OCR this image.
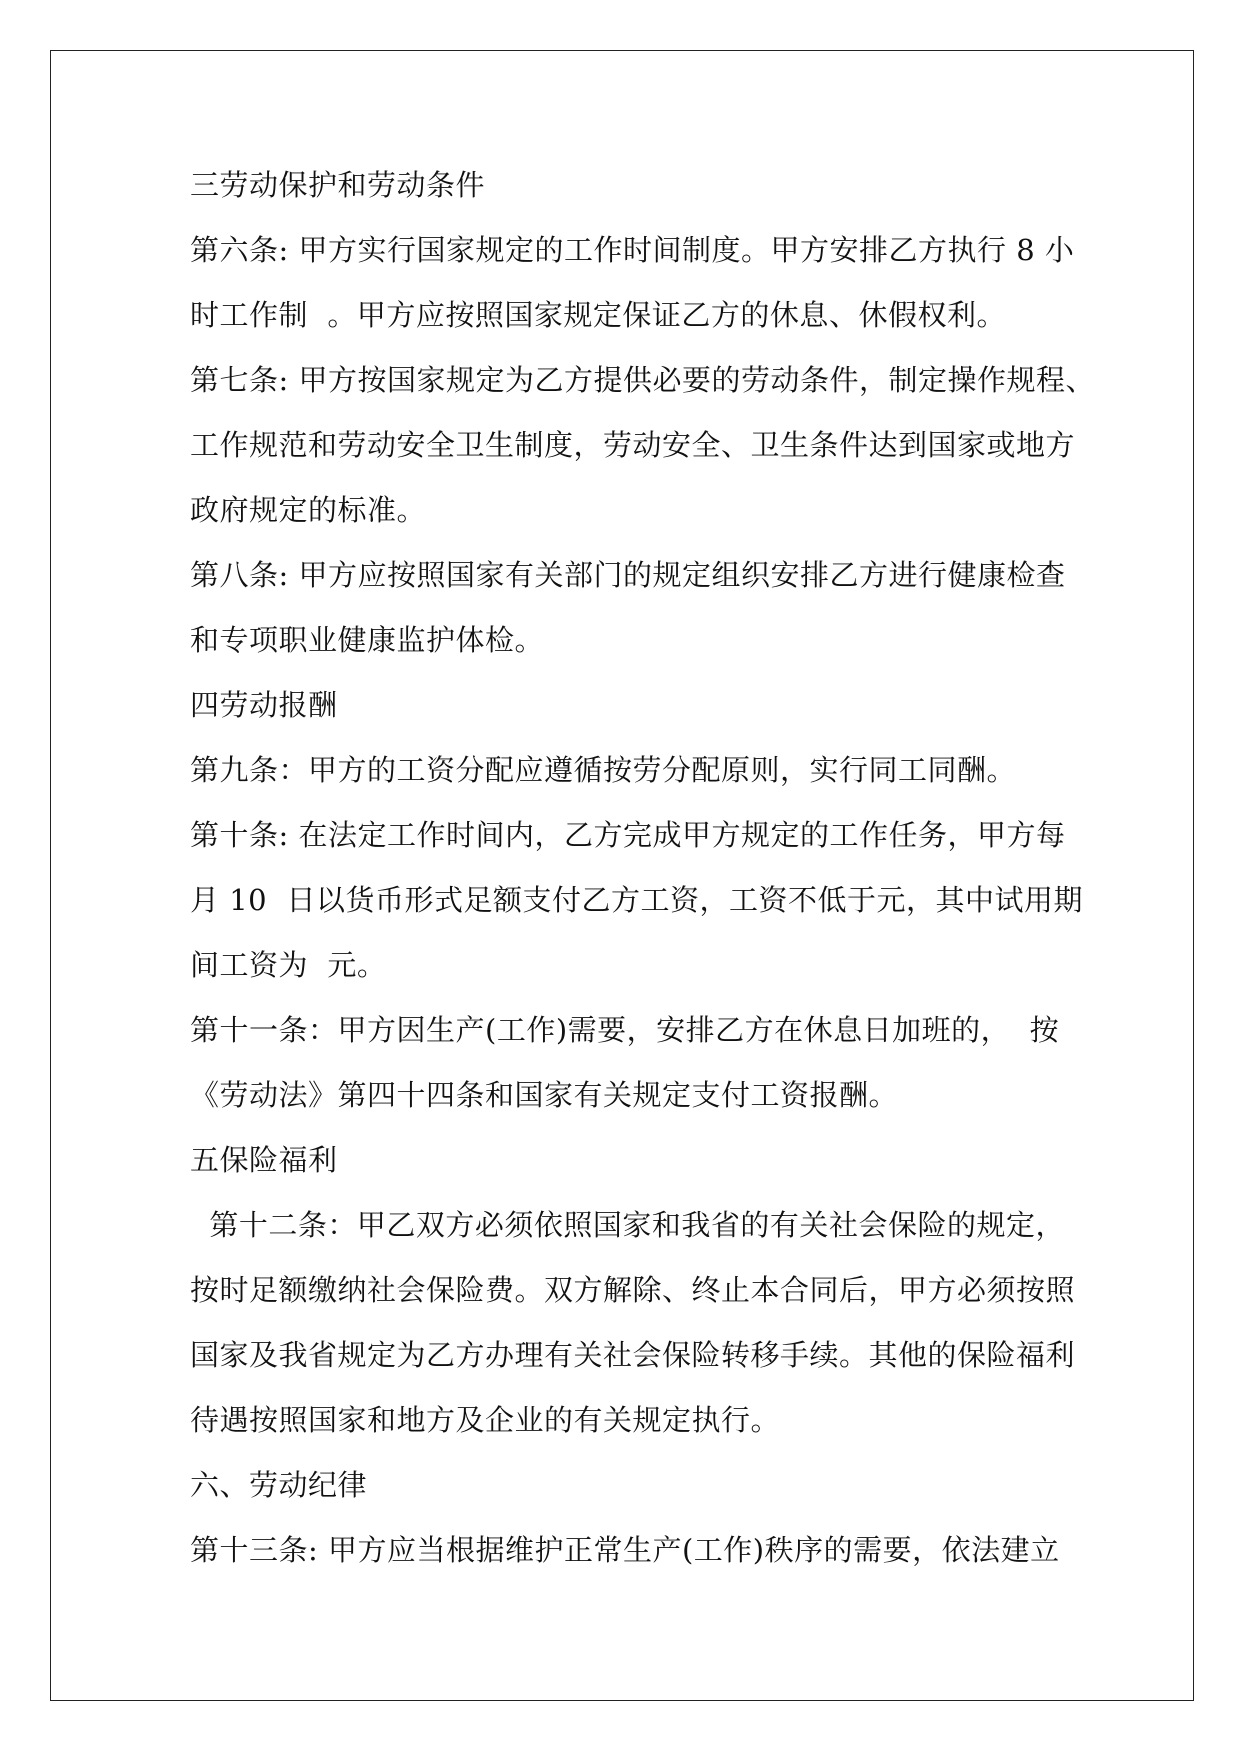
三劳动保护和劳动条件
第六条: 甲方实行国家规定的工作时间制度。甲方安排乙方执行 8 小
时工作制  。甲方应按照国家规定保证乙方的休息、休假权利。
第七条: 甲方按国家规定为乙方提供必要的劳动条件，制定操作规程、
工作规范和劳动安全卫生制度，劳动安全、卫生条件达到国家或地方
政府规定的标准。
第八条: 甲方应按照国家有关部门的规定组织安排乙方进行健康检查
和专项职业健康监护体检。
四劳动报酬
第九条：甲方的工资分配应遵循按劳分配原则，实行同工同酬。
第十条: 在法定工作时间内，乙方完成甲方规定的工作任务，甲方每
月 10  日以货币形式足额支付乙方工资，工资不低于元，其中试用期
间工资为  元。
第十一条：甲方因生产(工作)需要，安排乙方在休息日加班的，  按
《劳动法》第四十四条和国家有关规定支付工资报酬。
五保险福利
第十二条：甲乙双方必须依照国家和我省的有关社会保险的规定，
按时足额缴纳社会保险费。双方解除、终止本合同后，甲方必须按照
国家及我省规定为乙方办理有关社会保险转移手续。其他的保险福利
待遇按照国家和地方及企业的有关规定执行。
六、劳动纪律
第十三条: 甲方应当根据维护正常生产(工作)秩序的需要，依法建立
